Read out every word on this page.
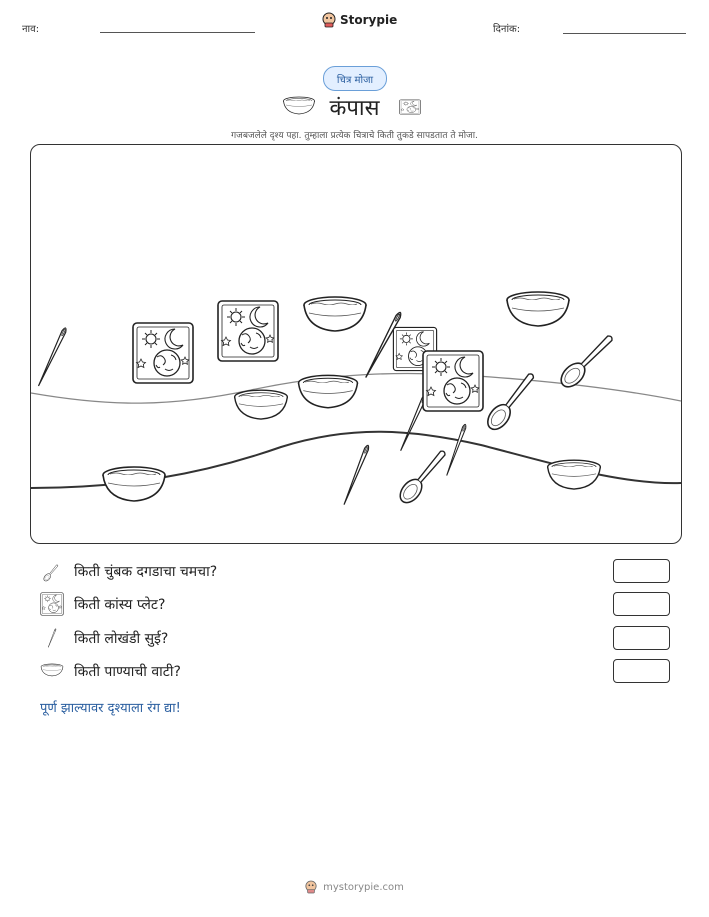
नाव:
Storypie
दिनांक:
चित्र मोजा
कंपास
गजबजलेले दृश्य पहा. तुम्हाला प्रत्येक चित्राचे किती तुकडे सापडतात ते मोजा.
किती चुंबक दगडाचा चमचा?
किती कांस्य प्लेट?
किती लोखंडी सुई?
किती पाण्याची वाटी?
पूर्ण झाल्यावर दृश्याला रंग द्या!
mystorypie.com
